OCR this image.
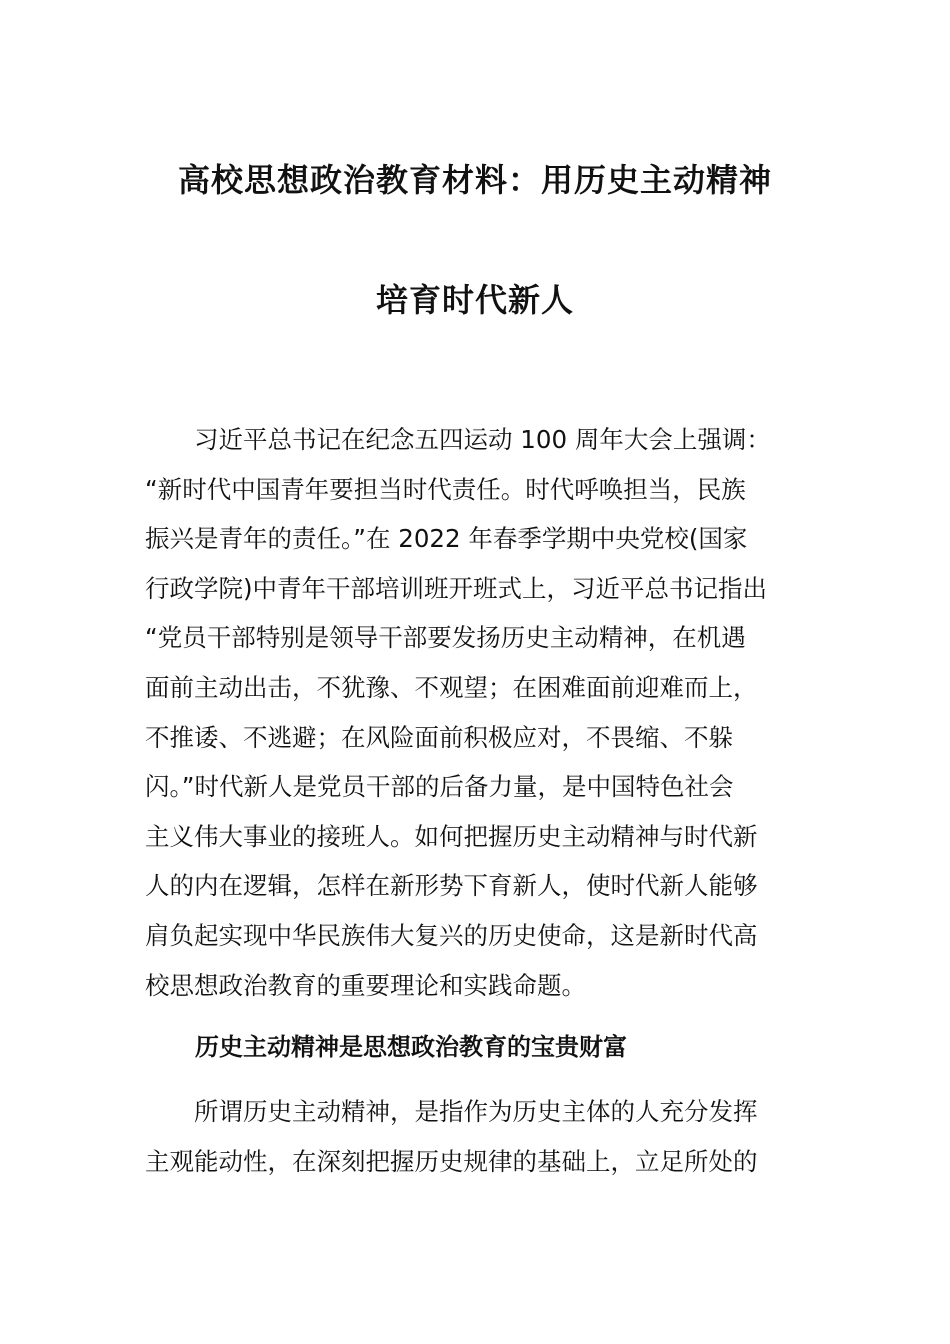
高校思想政治教育材料：用历史主动精神
培育时代新人
　　习近平总书记在纪念五四运动 100 周年大会上强调：
“新时代中国青年要担当时代责任。时代呼唤担当，民族
振兴是青年的责任。”在 2022 年春季学期中央党校(国家
行政学院)中青年干部培训班开班式上，习近平总书记指出
“党员干部特别是领导干部要发扬历史主动精神，在机遇
面前主动出击，不犹豫、不观望；在困难面前迎难而上，
不推诿、不逃避；在风险面前积极应对，不畏缩、不躲
闪。”时代新人是党员干部的后备力量，是中国特色社会
主义伟大事业的接班人。如何把握历史主动精神与时代新
人的内在逻辑，怎样在新形势下育新人，使时代新人能够
肩负起实现中华民族伟大复兴的历史使命，这是新时代高
校思想政治教育的重要理论和实践命题。
历史主动精神是思想政治教育的宝贵财富
　　所谓历史主动精神，是指作为历史主体的人充分发挥
主观能动性，在深刻把握历史规律的基础上，立足所处的
